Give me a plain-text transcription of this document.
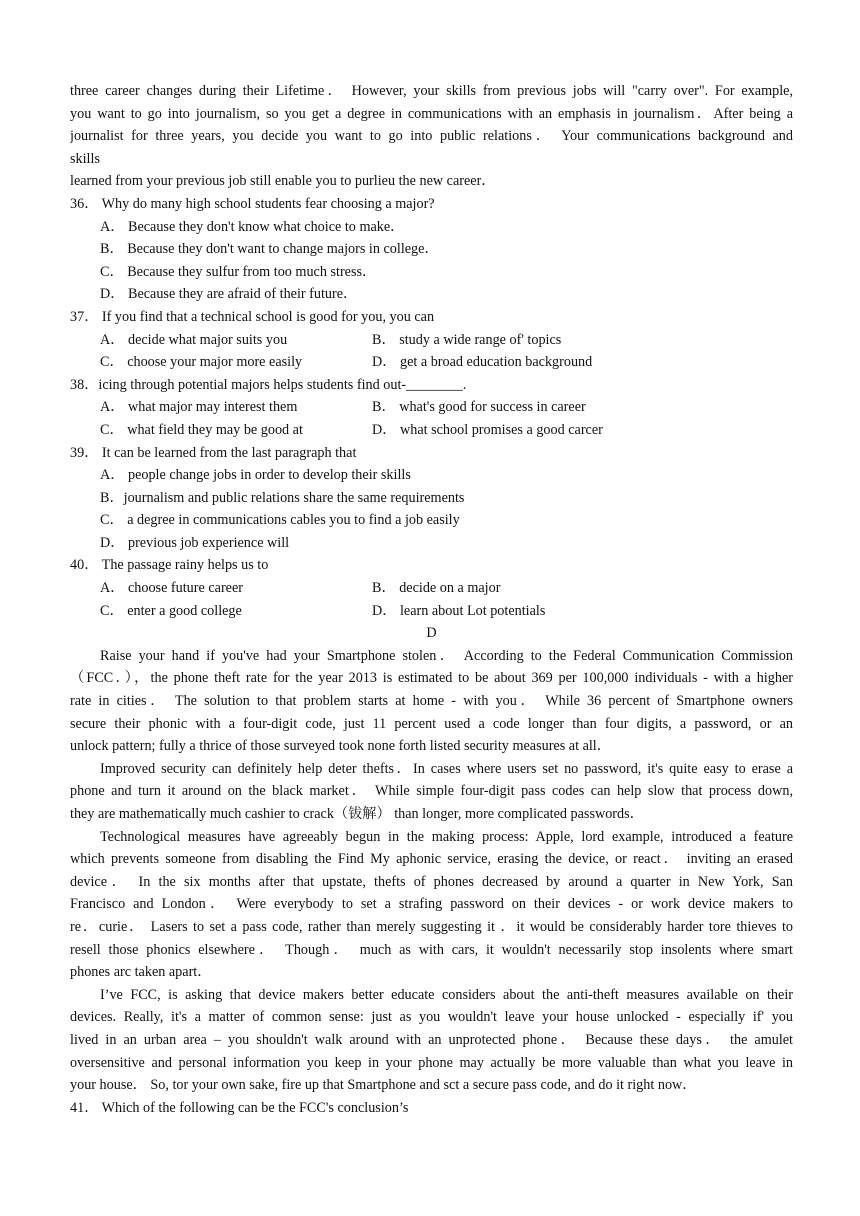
three career changes during their Lifetime． However, your skills from previous jobs will "carry over". For example,
you want to go into journalism, so you get a degree in communications with an emphasis in journalism．After being a
journalist for three years, you decide you want to go into public relations． Your communications background and
skills
learned from your previous job still enable you to purlieu the new career．
36． Why do many high school students fear choosing a major?
A． Because they don't know what choice to make．
B． Because they don't want to change majors in college．
C． Because they sulfur from too much stress．
D． Because they are afraid of their future．
37． If you find that a technical school is good for you, you can
A． decide what major suits you	B． study a wide range of' topics
C． choose your major more easily	D． get a broad education background
38．icing through potential majors helps students find out-________.
A． what major may interest them	B． what's good for success in career
C． what field they may be good at	D． what school promises a good carcer
39． It can be learned from the last paragraph that
A． people change jobs in order to develop their skills
B．journalism and public relations share the same requirements
C． a degree in communications cables you to find a job easily
D． previous job experience will
40． The passage rainy helps us to
A． choose future career	B． decide on a major
C． enter a good college	D． learn about Lot potentials
D
Raise your hand if you've had your Smartphone stolen． According to the Federal Communication Commission
（FCC．），the phone theft rate for the year 2013 is estimated to be about 369 per 100,000 individuals - with a higher
rate in cities． The solution to that problem starts at home - with you． While 36 percent of Smartphone owners
secure their phonic with a four-digit code, just 11 percent used a code longer than four digits, a password, or an
unlock pattern; fully a thrice of those surveyed took none forth listed security measures at all．
Improved security can definitely help deter thefts．In cases where users set no password, it's quite easy to erase a
phone and turn it around on the black market． While simple four-digit pass codes can help slow that process down,
they are mathematically much cashier to crack（钹解） than longer, more complicated passwords．
Technological measures have agreeably begun in the making process: Apple, lord example, introduced a feature
which prevents someone from disabling the Find My aphonic service, erasing the device, or react． inviting an erased
device． In the six months after that upstate, thefts of phones decreased by around a quarter in New York, San
Francisco and London． Were everybody to set a strafing password on their devices - or work device makers to
re．curie． Lasers to set a pass code, rather than merely suggesting it ．it would be considerably harder tore thieves to
resell those phonics elsewhere． Though． much as with cars, it wouldn't necessarily stop insolents where smart
phones arc taken apart．
I’ve FCC, is asking that device makers better educate considers about the anti-theft measures available on their
devices. Really, it's a matter of common sense: just as you wouldn't leave your house unlocked - especially if' you
lived in an urban area – you shouldn't walk around with an unprotected phone． Because these days． the amulet
oversensitive and personal information you keep in your phone may actually be more valuable than what you leave in
your house． So, tor your own sake, fire up that Smartphone and sct a secure pass code, and do it right now．
41． Which of the following can be the FCC's conclusion’s
